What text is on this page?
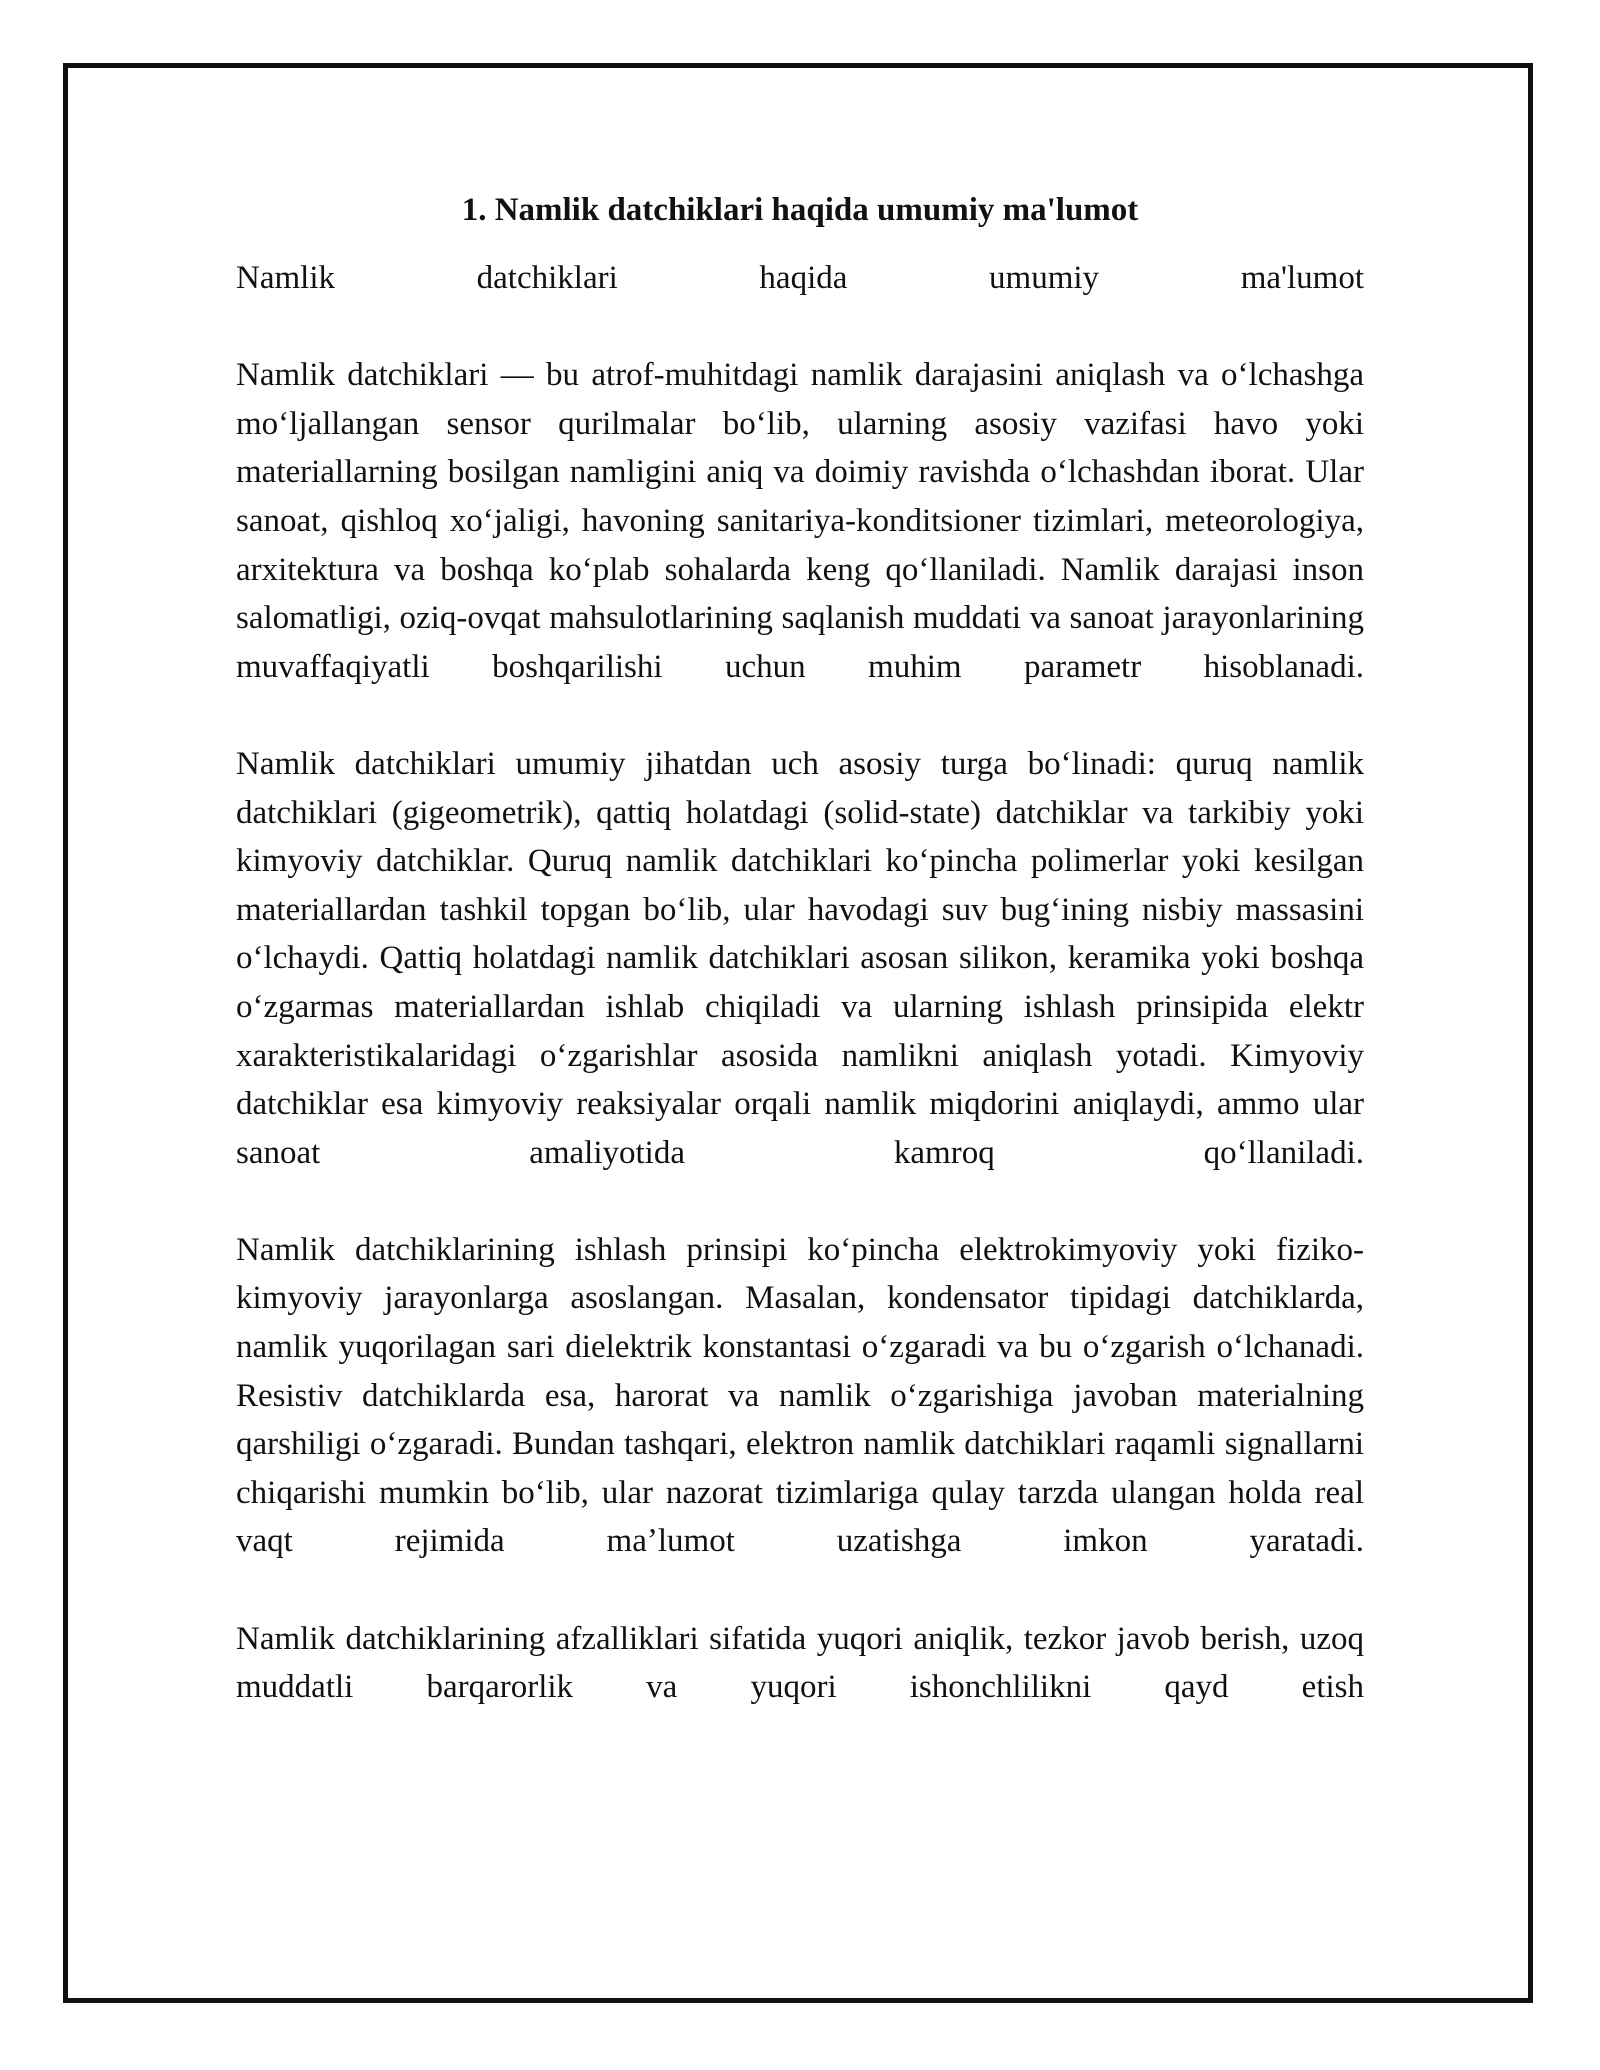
1. Namlik datchiklari haqida umumiy ma'lumot

Namlik datchiklari haqida umumiy ma'lumot

Namlik datchiklari — bu atrof-muhitdagi namlik darajasini aniqlash va oʻlchashga moʻljallangan sensor qurilmalar boʻlib, ularning asosiy vazifasi havo yoki materiallarning bosilgan namligini aniq va doimiy ravishda oʻlchashdan iborat. Ular sanoat, qishloq xoʻjaligi, havoning sanitariya-konditsioner tizimlari, meteorologiya, arxitektura va boshqa koʻplab sohalarda keng qoʻllaniladi. Namlik darajasi inson salomatligi, oziq-ovqat mahsulotlarining saqlanish muddati va sanoat jarayonlarining muvaffaqiyatli boshqarilishi uchun muhim parametr hisoblanadi.

Namlik datchiklari umumiy jihatdan uch asosiy turga boʻlinadi: quruq namlik datchiklari (gigeometrik), qattiq holatdagi (solid-state) datchiklar va tarkibiy yoki kimyoviy datchiklar. Quruq namlik datchiklari koʻpincha polimerlar yoki kesilgan materiallardan tashkil topgan boʻlib, ular havodagi suv bugʻining nisbiy massasini oʻlchaydi. Qattiq holatdagi namlik datchiklari asosan silikon, keramika yoki boshqa oʻzgarmas materiallardan ishlab chiqiladi va ularning ishlash prinsipida elektr xarakteristikalaridagi oʻzgarishlar asosida namlikni aniqlash yotadi. Kimyoviy datchiklar esa kimyoviy reaksiyalar orqali namlik miqdorini aniqlaydi, ammo ular sanoat amaliyotida kamroq qoʻllaniladi.

Namlik datchiklarining ishlash prinsipi koʻpincha elektrokimyoviy yoki fiziko-kimyoviy jarayonlarga asoslangan. Masalan, kondensator tipidagi datchiklarda, namlik yuqorilagan sari dielektrik konstantasi oʻzgaradi va bu oʻzgarish oʻlchanadi. Resistiv datchiklarda esa, harorat va namlik oʻzgarishiga javoban materialning qarshiligi oʻzgaradi. Bundan tashqari, elektron namlik datchiklari raqamli signallarni chiqarishi mumkin boʻlib, ular nazorat tizimlariga qulay tarzda ulangan holda real vaqt rejimida maʼlumot uzatishga imkon yaratadi.

Namlik datchiklarining afzalliklari sifatida yuqori aniqlik, tezkor javob berish, uzoq muddatli barqarorlik va yuqori ishonchlilikni qayd etish
